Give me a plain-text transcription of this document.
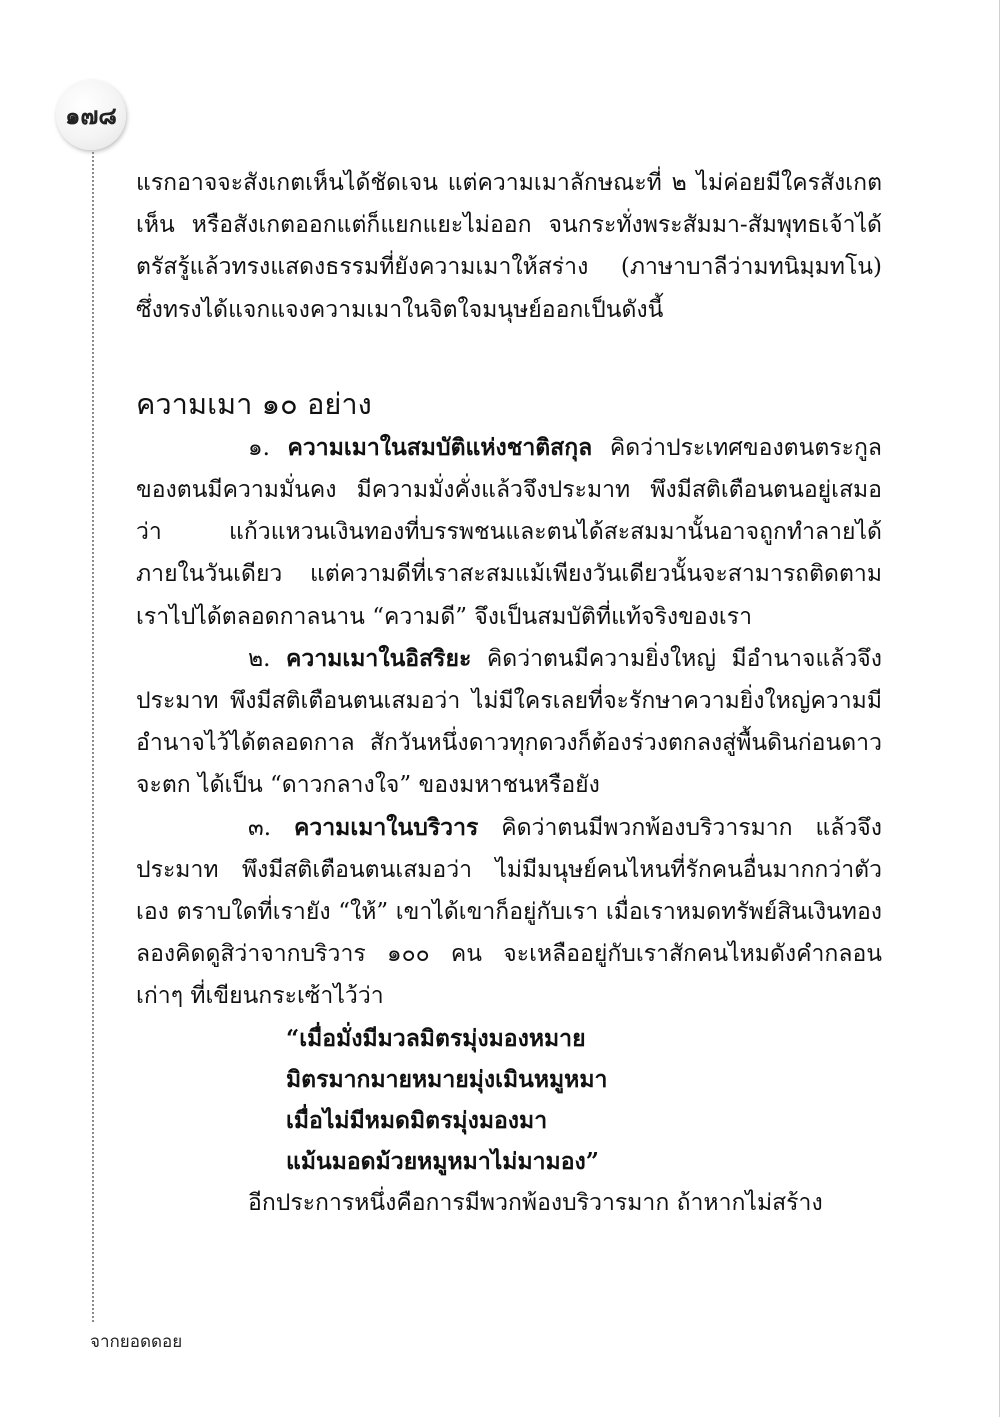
๑๗๘

แรกอาจจะสังเกตเห็นได้ชัดเจน แต่ความเมาลักษณะที่ ๒ ไม่ค่อยมีใครสังเกตเห็น หรือสังเกตออกแต่ก็แยกแยะไม่ออก จนกระทั่งพระสัมมา-สัมพุทธเจ้าได้ตรัสรู้แล้วทรงแสดงธรรมที่ยังความเมาให้สร่าง (ภาษาบาลีว่ามทนิมฺมทโน) ซึ่งทรงได้แจกแจงความเมาในจิตใจมนุษย์ออกเป็นดังนี้

ความเมา ๑๐ อย่าง

๑. ความเมาในสมบัติแห่งชาติสกุล คิดว่าประเทศของตนตระกูลของตนมีความมั่นคง มีความมั่งคั่งแล้วจึงประมาท พึงมีสติเตือนตนอยู่เสมอว่า แก้วแหวนเงินทองที่บรรพชนและตนได้สะสมมานั้นอาจถูกทำลายได้ภายในวันเดียว แต่ความดีที่เราสะสมแม้เพียงวันเดียวนั้นจะสามารถติดตามเราไปได้ตลอดกาลนาน “ความดี” จึงเป็นสมบัติที่แท้จริงของเรา

๒. ความเมาในอิสริยะ คิดว่าตนมีความยิ่งใหญ่ มีอำนาจแล้วจึงประมาท พึงมีสติเตือนตนเสมอว่า ไม่มีใครเลยที่จะรักษาความยิ่งใหญ่ความมีอำนาจไว้ได้ตลอดกาล สักวันหนึ่งดาวทุกดวงก็ต้องร่วงตกลงสู่พื้นดินก่อนดาวจะตก ได้เป็น “ดาวกลางใจ” ของมหาชนหรือยัง

๓. ความเมาในบริวาร คิดว่าตนมีพวกพ้องบริวารมาก แล้วจึงประมาท พึงมีสติเตือนตนเสมอว่า ไม่มีมนุษย์คนไหนที่รักคนอื่นมากกว่าตัวเอง ตราบใดที่เรายัง “ให้” เขาได้เขาก็อยู่กับเรา เมื่อเราหมดทรัพย์สินเงินทอง ลองคิดดูสิว่าจากบริวาร ๑๐๐ คน จะเหลืออยู่กับเราสักคนไหมดังคำกลอนเก่าๆ ที่เขียนกระเซ้าไว้ว่า

“เมื่อมั่งมีมวลมิตรมุ่งมองหมาย
มิตรมากมายหมายมุ่งเมินหมูหมา
เมื่อไม่มีหมดมิตรมุ่งมองมา
แม้นมอดม้วยหมูหมาไม่มามอง”

อีกประการหนึ่งคือการมีพวกพ้องบริวารมาก ถ้าหากไม่สร้าง

จากยอดดอย
